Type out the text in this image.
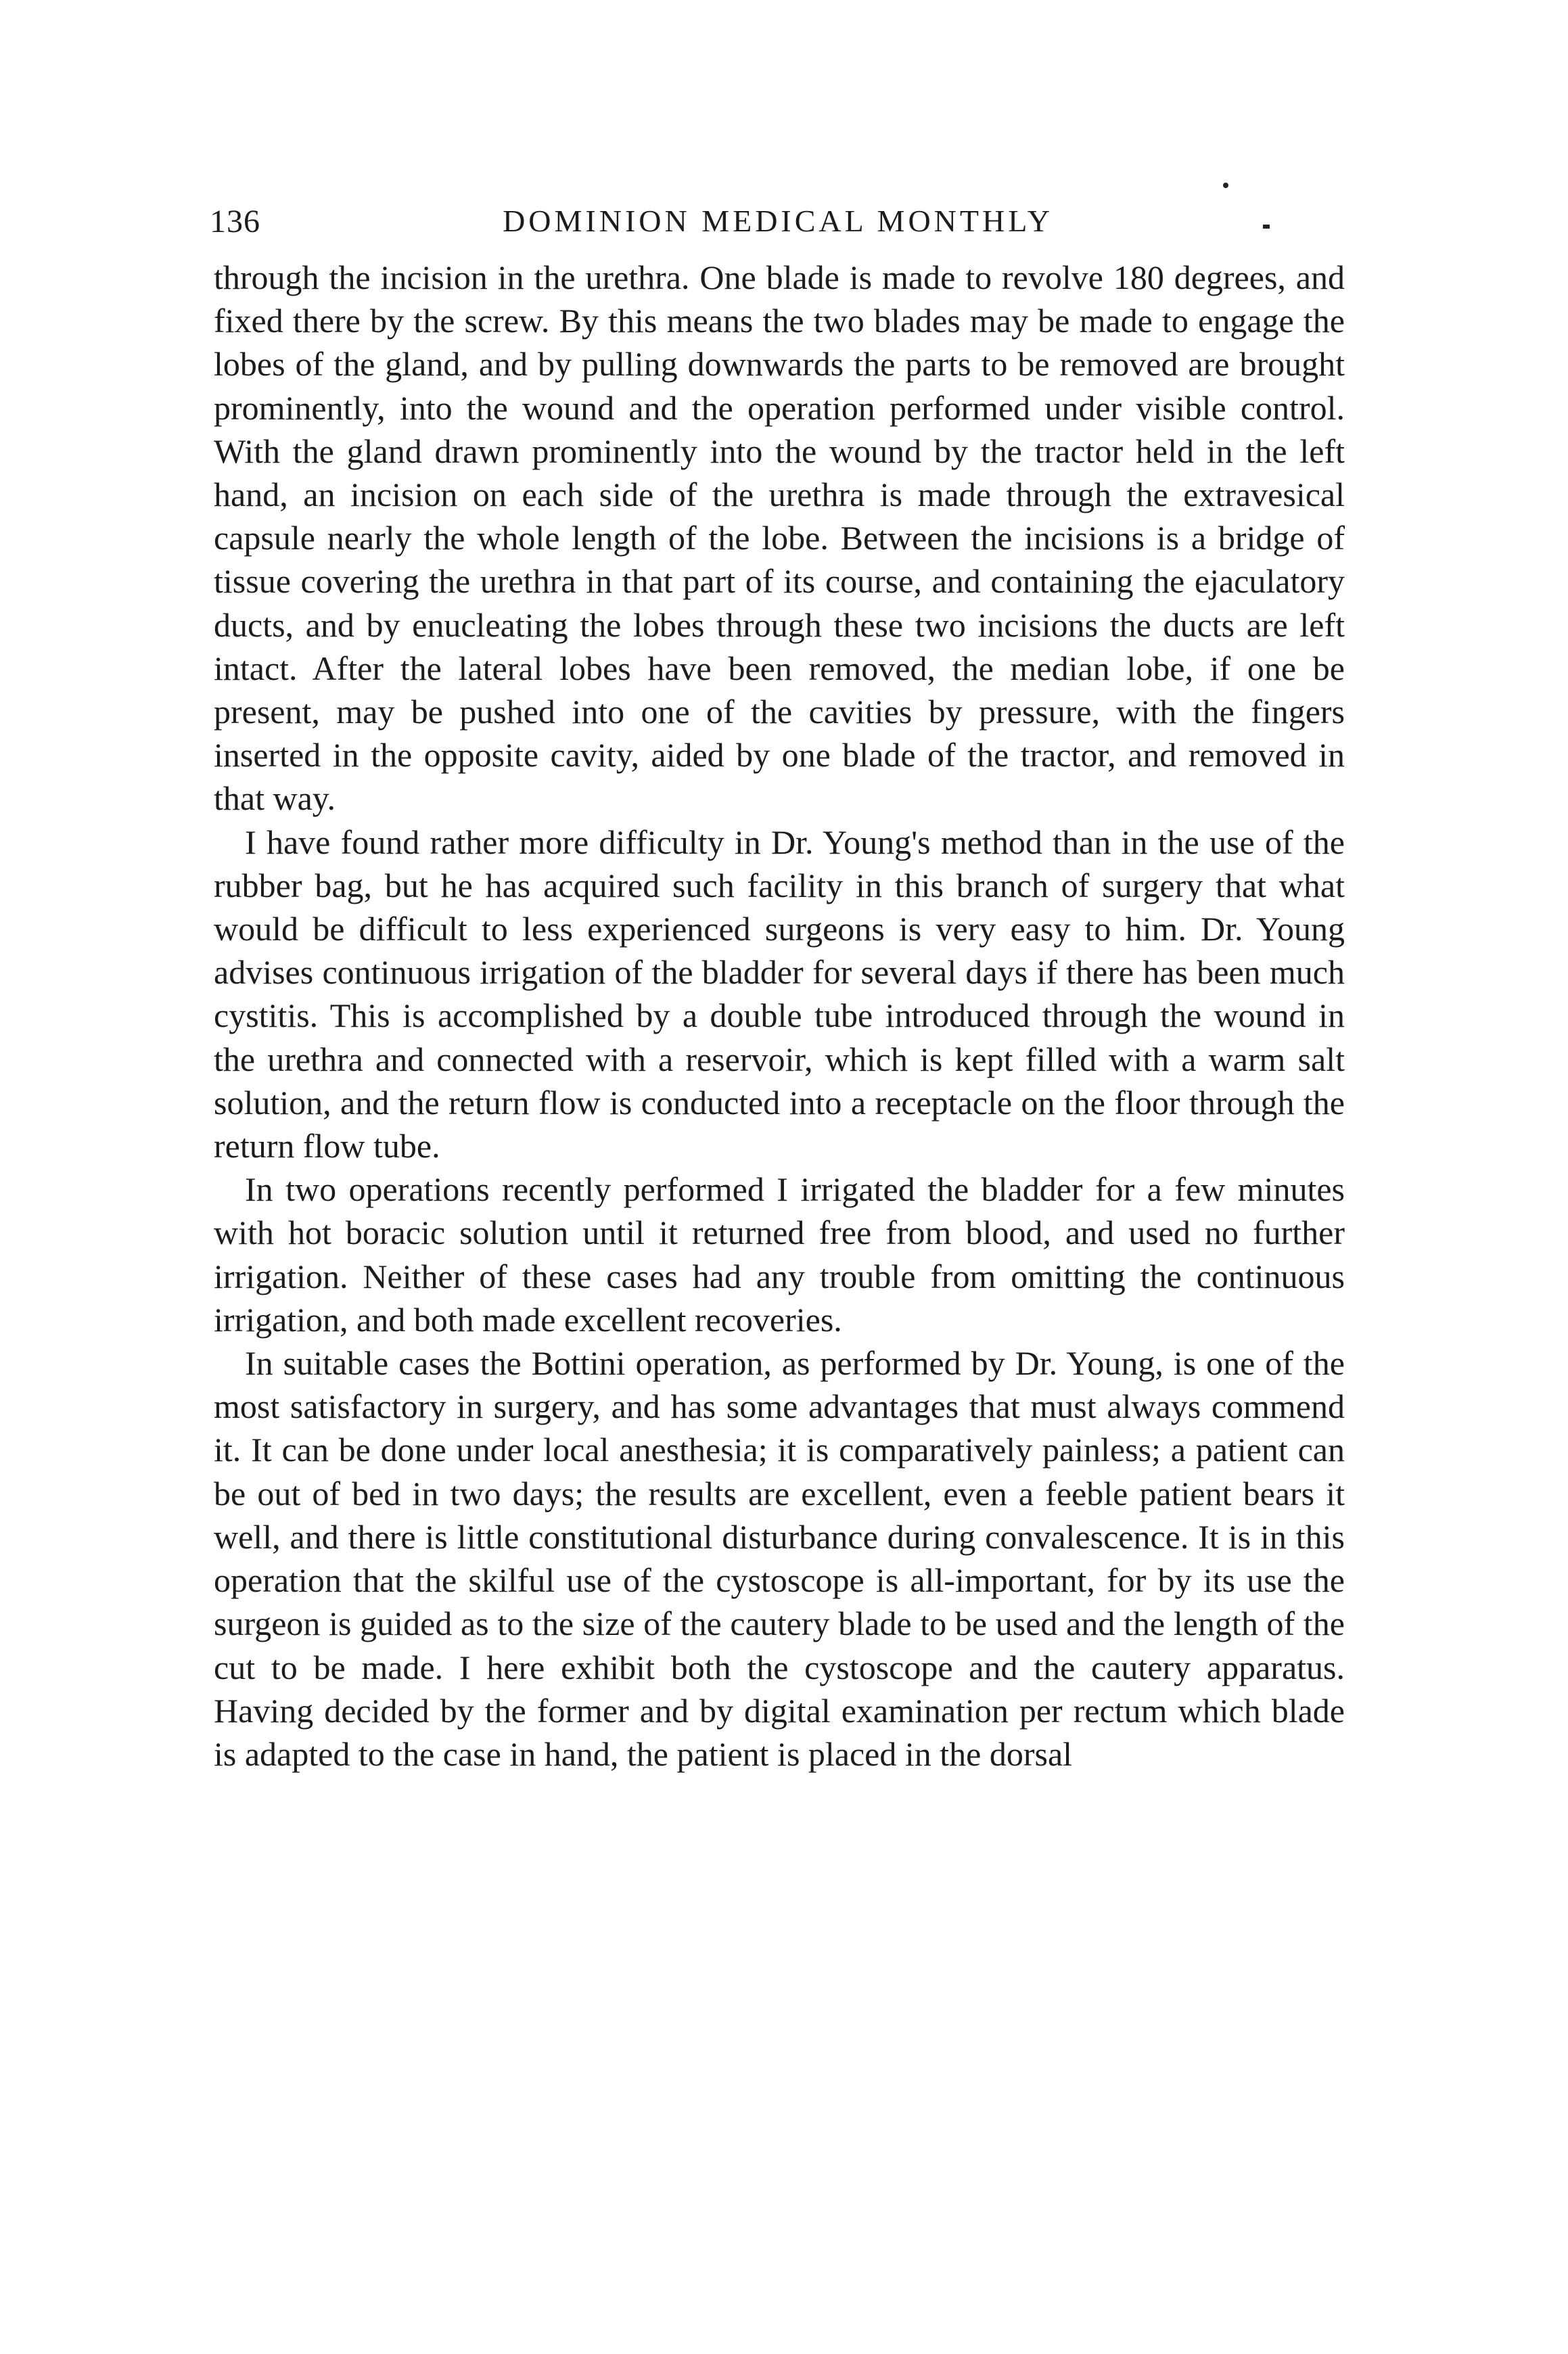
136	DOMINION MEDICAL MONTHLY

through the incision in the urethra. One blade is made to revolve 180 degrees, and fixed there by the screw. By this means the two blades may be made to engage the lobes of the gland, and by pulling downwards the parts to be removed are brought prominently, into the wound and the operation performed under visible control. With the gland drawn prominently into the wound by the tractor held in the left hand, an incision on each side of the urethra is made through the extravesical capsule nearly the whole length of the lobe. Between the incisions is a bridge of tissue covering the urethra in that part of its course, and containing the ejaculatory ducts, and by enucleating the lobes through these two incisions the ducts are left intact. After the lateral lobes have been removed, the median lobe, if one be present, may be pushed into one of the cavities by pressure, with the fingers inserted in the opposite cavity, aided by one blade of the tractor, and removed in that way.

I have found rather more difficulty in Dr. Young's method than in the use of the rubber bag, but he has acquired such facility in this branch of surgery that what would be difficult to less experienced surgeons is very easy to him. Dr. Young advises continuous irrigation of the bladder for several days if there has been much cystitis. This is accomplished by a double tube introduced through the wound in the urethra and connected with a reservoir, which is kept filled with a warm salt solution, and the return flow is conducted into a receptacle on the floor through the return flow tube.

In two operations recently performed I irrigated the bladder for a few minutes with hot boracic solution until it returned free from blood, and used no further irrigation. Neither of these cases had any trouble from omitting the continuous irrigation, and both made excellent recoveries.

In suitable cases the Bottini operation, as performed by Dr. Young, is one of the most satisfactory in surgery, and has some advantages that must always commend it. It can be done under local anesthesia; it is comparatively painless; a patient can be out of bed in two days; the results are excellent, even a feeble patient bears it well, and there is little constitutional disturbance during convalescence. It is in this operation that the skilful use of the cystoscope is all-important, for by its use the surgeon is guided as to the size of the cautery blade to be used and the length of the cut to be made. I here exhibit both the cystoscope and the cautery apparatus. Having decided by the former and by digital examination per rectum which blade is adapted to the case in hand, the patient is placed in the dorsal
